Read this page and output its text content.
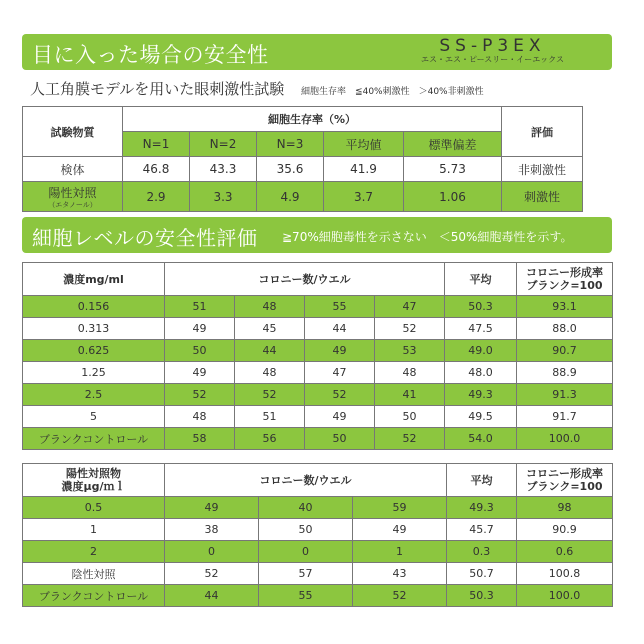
目に入った場合の安全性	SS-P3EX
エス・エス・ピースリー・イーエックス
人工角膜モデルを用いた眼刺激性試験 細胞生存率　≦40%刺激性　＞40%非刺激性
試験物質	細胞生存率（%）					評価
	N=1	N=2	N=3	平均値	標準偏差	
検体	46.8	43.3	35.6	41.9	5.73	非刺激性
陽性対照
（エタノール）	2.9	3.3	4.9	3.7	1.06	刺激性
細胞レベルの安全性評価 ≧70%細胞毒性を示さない　＜50%細胞毒性を示す。
濃度mg/ml	コロニー数/ウエル				平均	コロニー形成率
ブランク=100
0.156	51	48	55	47	50.3	93.1
0.313	49	45	44	52	47.5	88.0
0.625	50	44	49	53	49.0	90.7
1.25	49	48	47	48	48.0	88.9
2.5	52	52	52	41	49.3	91.3
5	48	51	49	50	49.5	91.7
ブランクコントロール	58	56	50	52	54.0	100.0
陽性対照物
濃度μg/ｍｌ	コロニー数/ウエル			平均	コロニー形成率
ブランク=100
0.5	49	40	59	49.3	98
1	38	50	49	45.7	90.9
2	0	0	1	0.3	0.6
陰性対照	52	57	43	50.7	100.8
ブランクコントロール	44	55	52	50.3	100.0
